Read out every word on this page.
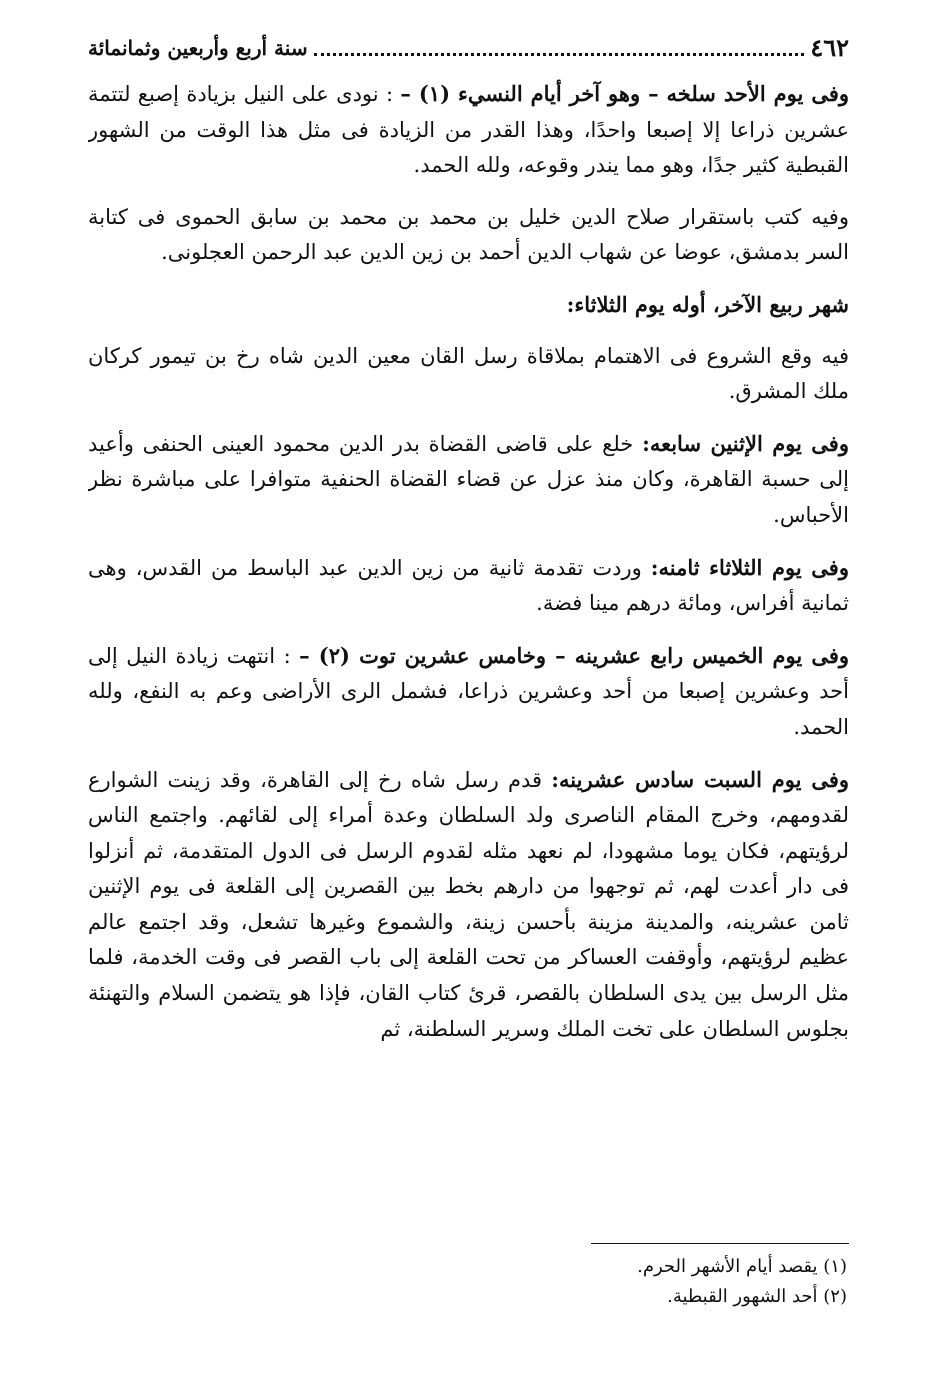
٤٦٢
سنة أربع وأربعين وثمانمائة

وفى يوم الأحد سلخه – وهو آخر أيام النسيء (١) – : نودى على النيل بزيادة إصبع لتتمة عشرين ذراعا إلا إصبعا واحدًا، وهذا القدر من الزيادة فى مثل هذا الوقت من الشهور القبطية كثير جدًا، وهو مما يندر وقوعه، ولله الحمد.

وفيه كتب باستقرار صلاح الدين خليل بن محمد بن محمد بن سابق الحموى فى كتابة السر بدمشق، عوضا عن شهاب الدين أحمد بن زين الدين عبد الرحمن العجلونى.

شهر ربيع الآخر، أوله يوم الثلاثاء:

فيه وقع الشروع فى الاهتمام بملاقاة رسل القان معين الدين شاه رخ بن تيمور كركان ملك المشرق.

وفى يوم الإثنين سابعه: خلع على قاضى القضاة بدر الدين محمود العينى الحنفى وأعيد إلى حسبة القاهرة، وكان منذ عزل عن قضاء القضاة الحنفية متوافرا على مباشرة نظر الأحباس.

وفى يوم الثلاثاء ثامنه: وردت تقدمة ثانية من زين الدين عبد الباسط من القدس، وهى ثمانية أفراس، ومائة درهم مينا فضة.

وفى يوم الخميس رابع عشرينه – وخامس عشرين توت (٢) – : انتهت زيادة النيل إلى أحد وعشرين إصبعا من أحد وعشرين ذراعا، فشمل الرى الأراضى وعم به النفع، ولله الحمد.

وفى يوم السبت سادس عشرينه: قدم رسل شاه رخ إلى القاهرة، وقد زينت الشوارع لقدومهم، وخرج المقام الناصرى ولد السلطان وعدة أمراء إلى لقائهم. واجتمع الناس لرؤيتهم، فكان يوما مشهودا، لم نعهد مثله لقدوم الرسل فى الدول المتقدمة، ثم أنزلوا فى دار أعدت لهم، ثم توجهوا من دارهم بخط بين القصرين إلى القلعة فى يوم الإثنين ثامن عشرينه، والمدينة مزينة بأحسن زينة، والشموع وغيرها تشعل، وقد اجتمع عالم عظيم لرؤيتهم، وأوقفت العساكر من تحت القلعة إلى باب القصر فى وقت الخدمة، فلما مثل الرسل بين يدى السلطان بالقصر، قرئ كتاب القان، فإذا هو يتضمن السلام والتهنئة بجلوس السلطان على تخت الملك وسرير السلطنة، ثم

(١) يقصد أيام الأشهر الحرم.

(٢) أحد الشهور القبطية.
